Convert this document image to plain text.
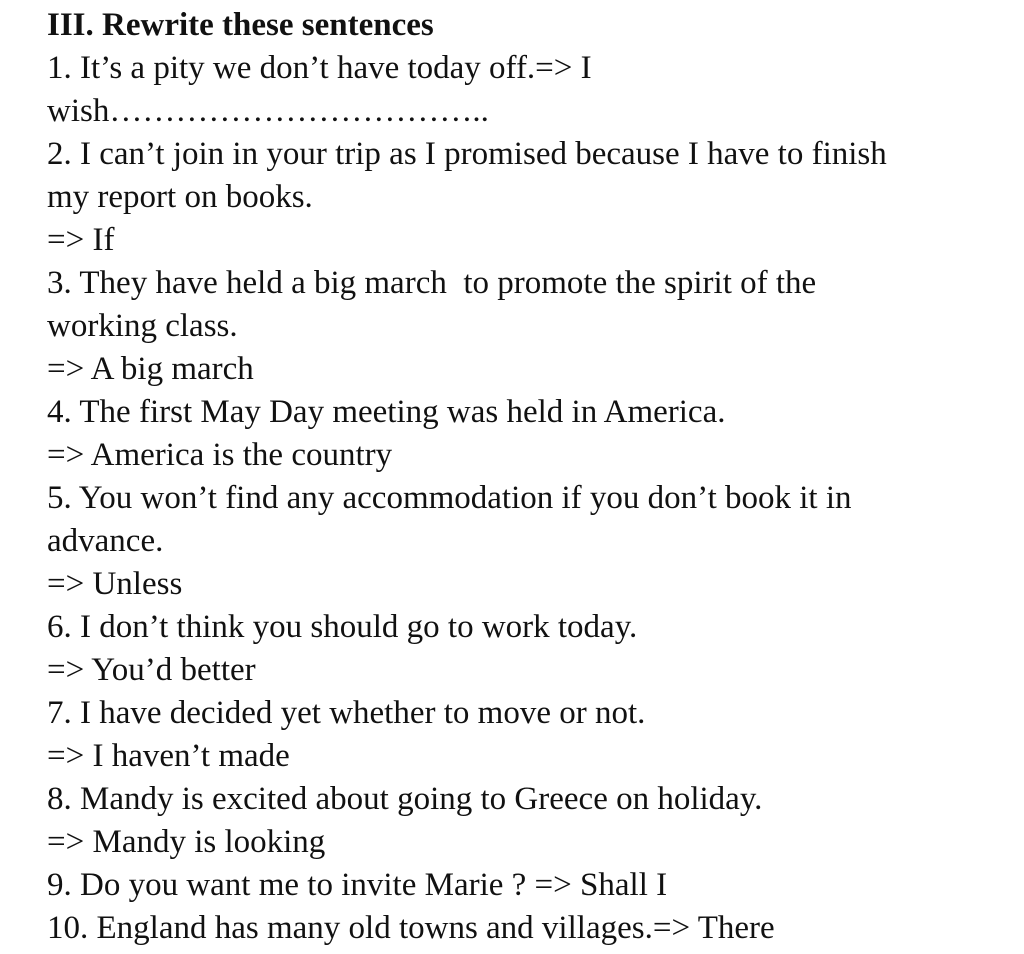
III. Rewrite these sentences

1. It’s a pity we don’t have today off.=> I

wish……………………………..

2. I can’t join in your trip as I promised because I have to finish

my report on books.

=> If

3. They have held a big march  to promote the spirit of the

working class.

=> A big march

4. The first May Day meeting was held in America.

=> America is the country

5. You won’t find any accommodation if you don’t book it in

advance.

=> Unless

6. I don’t think you should go to work today.

=> You’d better

7. I have decided yet whether to move or not.

=> I haven’t made

8. Mandy is excited about going to Greece on holiday.

=> Mandy is looking

9. Do you want me to invite Marie ? => Shall I

10. England has many old towns and villages.=> There
